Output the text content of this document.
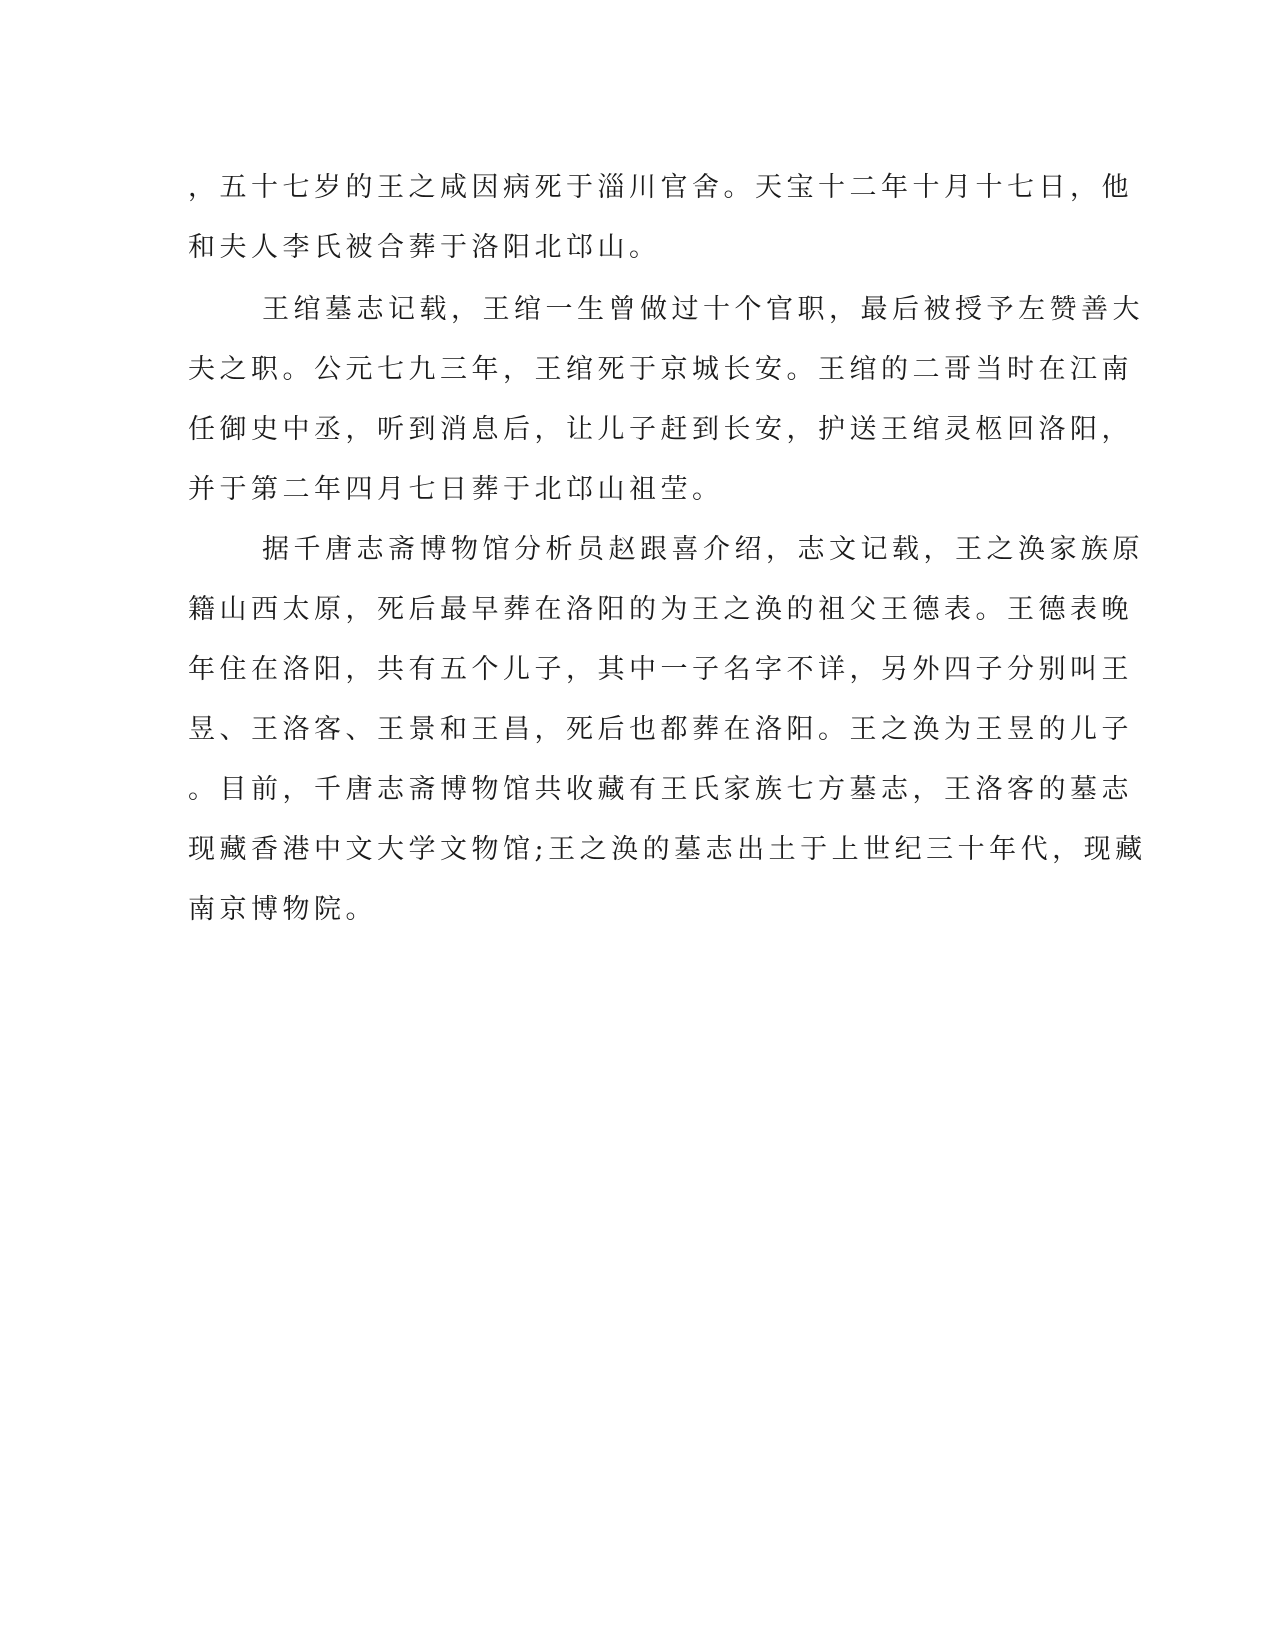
，五十七岁的王之咸因病死于淄川官舍。天宝十二年十月十七日，他
和夫人李氏被合葬于洛阳北邙山。
王绾墓志记载，王绾一生曾做过十个官职，最后被授予左赞善大
夫之职。公元七九三年，王绾死于京城长安。王绾的二哥当时在江南
任御史中丞，听到消息后，让儿子赶到长安，护送王绾灵柩回洛阳，
并于第二年四月七日葬于北邙山祖茔。
据千唐志斋博物馆分析员赵跟喜介绍，志文记载，王之涣家族原
籍山西太原，死后最早葬在洛阳的为王之涣的祖父王德表。王德表晚
年住在洛阳，共有五个儿子，其中一子名字不详，另外四子分别叫王
昱、王洛客、王景和王昌，死后也都葬在洛阳。王之涣为王昱的儿子
。目前，千唐志斋博物馆共收藏有王氏家族七方墓志，王洛客的墓志
现藏香港中文大学文物馆;王之涣的墓志出土于上世纪三十年代，现藏
南京博物院。
